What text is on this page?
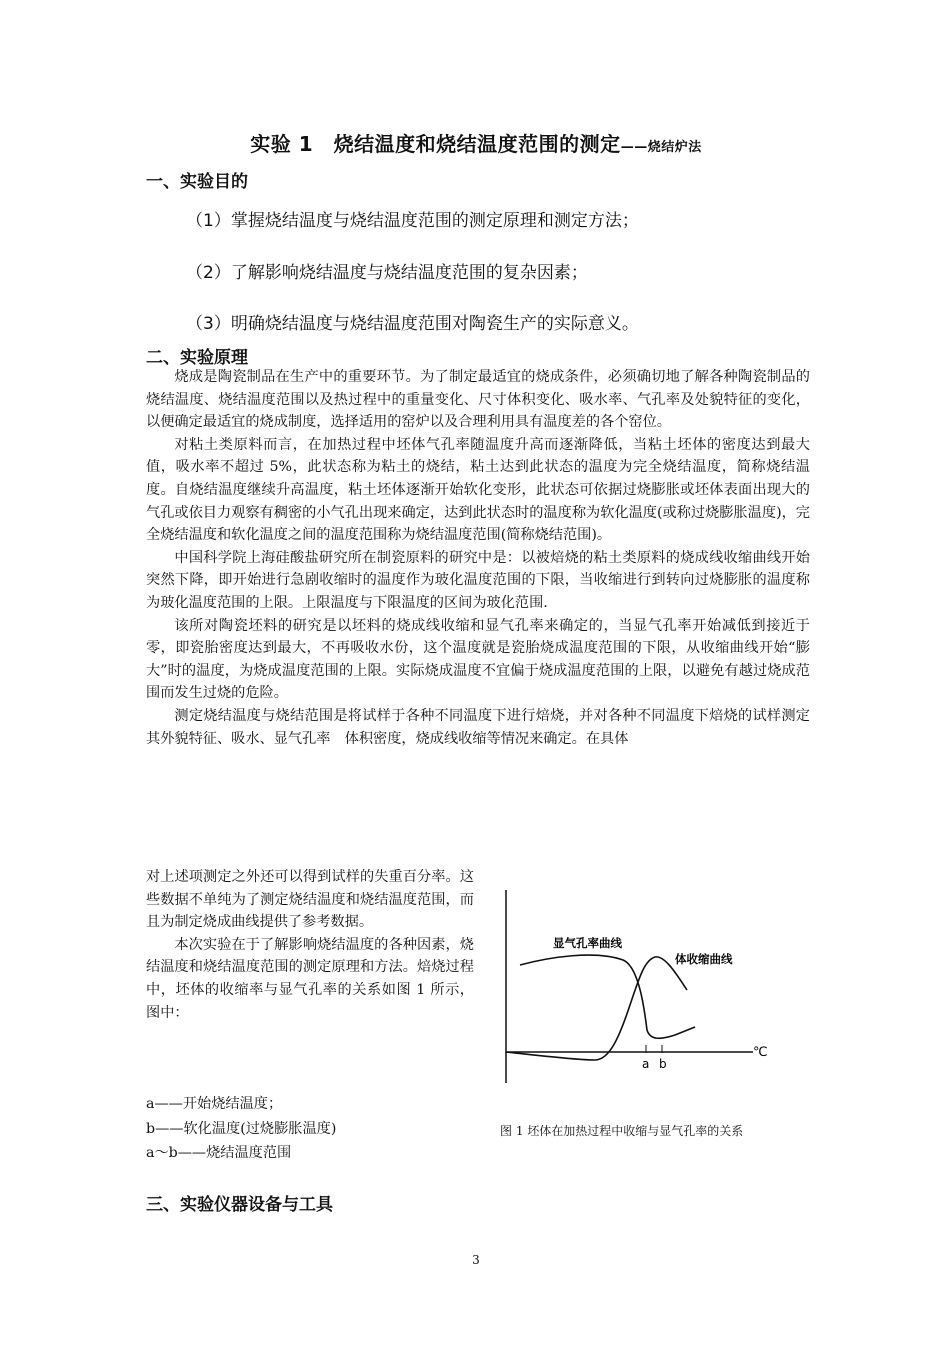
实验 1　烧结温度和烧结温度范围的测定——烧结炉法
一、实验目的
（1）掌握烧结温度与烧结温度范围的测定原理和测定方法；
（2）了解影响烧结温度与烧结温度范围的复杂因素；
（3）明确烧结温度与烧结温度范围对陶瓷生产的实际意义。
二、实验原理

烧成是陶瓷制品在生产中的重要环节。为了制定最适宜的烧成条件，必须确切地了解各种陶瓷制品的烧结温度、烧结温度范围以及热过程中的重量变化、尺寸体积变化、吸水率、气孔率及处貌特征的变化，以便确定最适宜的烧成制度，选择适用的窑炉以及合理利用具有温度差的各个窑位。

对粘土类原料而言，在加热过程中坯体气孔率随温度升高而逐渐降低，当粘土坯体的密度达到最大值，吸水率不超过 5%，此状态称为粘土的烧结，粘土达到此状态的温度为完全烧结温度，简称烧结温度。自烧结温度继续升高温度，粘土坯体逐渐开始软化变形，此状态可依据过烧膨胀或坯体表面出现大的气孔或依目力观察有稠密的小气孔出现来确定，达到此状态时的温度称为软化温度(或称过烧膨胀温度)，完全烧结温度和软化温度之间的温度范围称为烧结温度范围(简称烧结范围)。

中国科学院上海硅酸盐研究所在制瓷原料的研究中是：以被焙烧的粘土类原料的烧成线收缩曲线开始突然下降，即开始进行急剧收缩时的温度作为玻化温度范围的下限，当收缩进行到转向过烧膨胀的温度称为玻化温度范围的上限。上限温度与下限温度的区间为玻化范围.

该所对陶瓷坯料的研究是以坯料的烧成线收缩和显气孔率来确定的，当显气孔率开始减低到接近于零，即瓷胎密度达到最大，不再吸收水份，这个温度就是瓷胎烧成温度范围的下限，从收缩曲线开始“膨大”时的温度，为烧成温度范围的上限。实际烧成温度不宜偏于烧成温度范围的上限，以避免有越过烧成范围而发生过烧的危险。

测定烧结温度与烧结范围是将试样于各种不同温度下进行焙烧，并对各种不同温度下焙烧的试样测定其外貌特征、吸水、显气孔率　体积密度，烧成线收缩等情况来确定。在具体

对上述项测定之外还可以得到试样的失重百分率。这些数据不单纯为了测定烧结温度和烧结温度范围，而且为制定烧成曲线提供了参考数据。

本次实验在于了解影响烧结温度的各种因素，烧结温度和烧结温度范围的测定原理和方法。焙烧过程中，坯体的收缩率与显气孔率的关系如图 1 所示，图中：

a——开始烧结温度；
b——软化温度(过烧膨胀温度)
a～b——烧结温度范围
a b
℃
显气孔率曲线
体收缩曲线
图 1 坯体在加热过程中收缩与显气孔率的关系
三、实验仪器设备与工具
3
